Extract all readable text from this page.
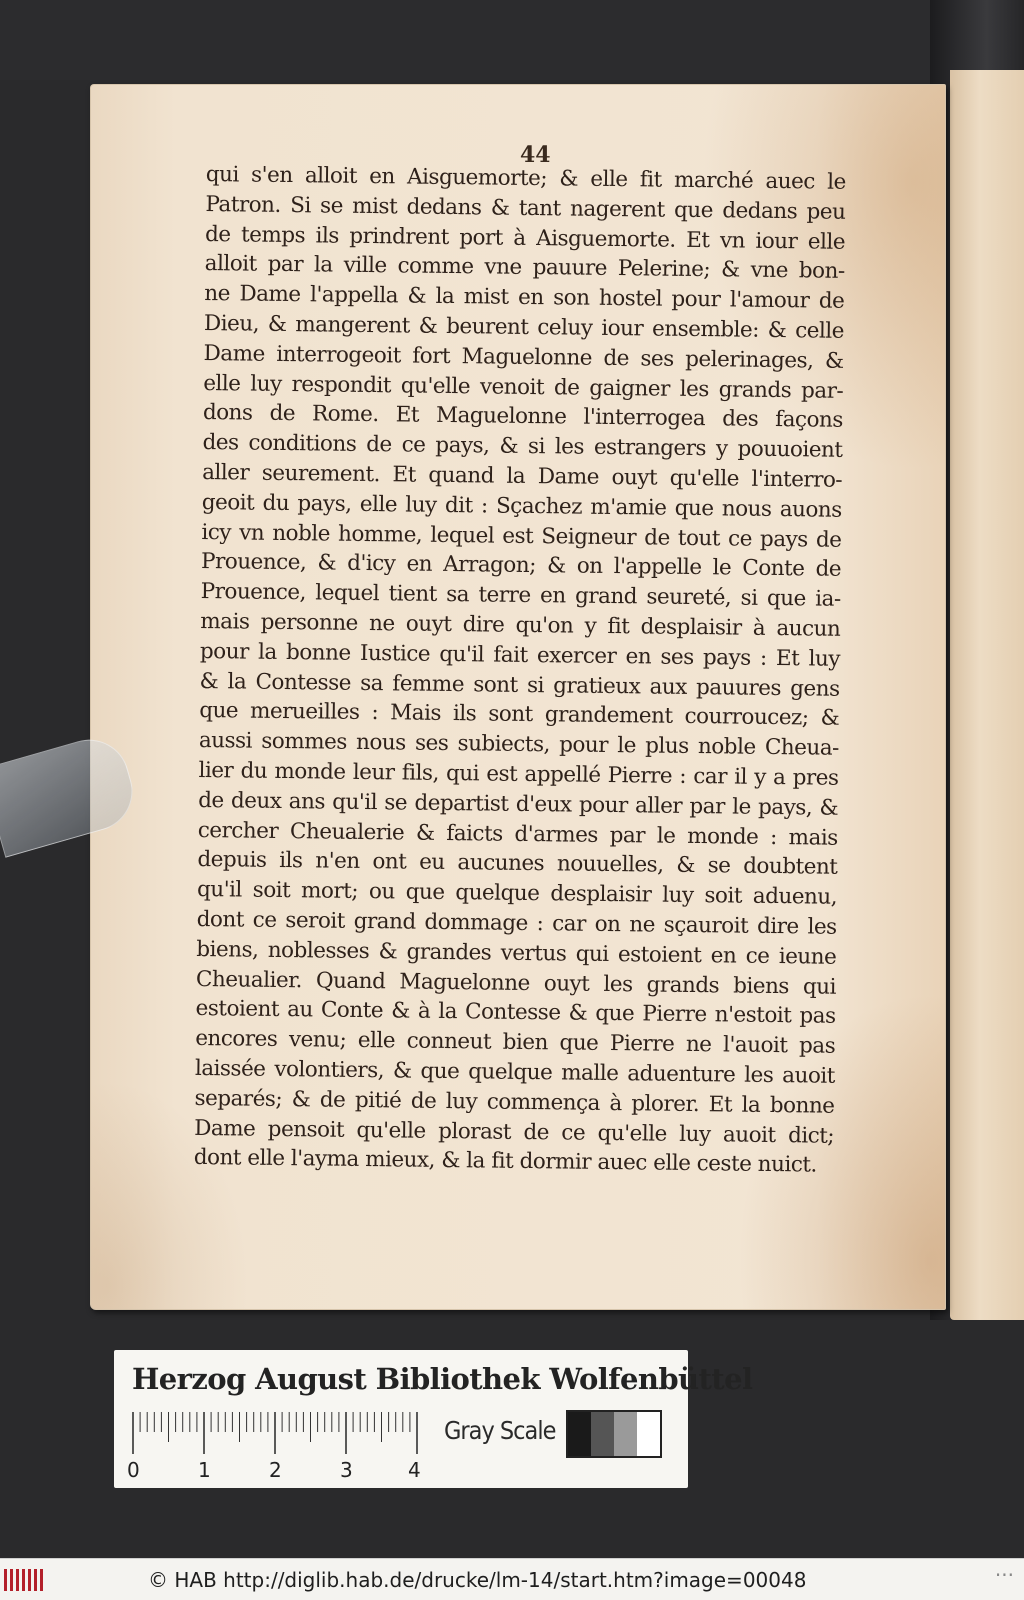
44
qui s'en alloit en Aisguemorte; & elle fit marché auec le
Patron. Si se mist dedans & tant nagerent que dedans peu
de temps ils prindrent port à Aisguemorte. Et vn iour elle
alloit par la ville comme vne pauure Pelerine; & vne bon-
ne Dame l'appella & la mist en son hostel pour l'amour de
Dieu, & mangerent & beurent celuy iour ensemble: & celle
Dame interrogeoit fort Maguelonne de ses pelerinages, &
elle luy respondit qu'elle venoit de gaigner les grands par-
dons de Rome. Et Maguelonne l'interrogea des façons
des conditions de ce pays, & si les estrangers y pouuoient
aller seurement. Et quand la Dame ouyt qu'elle l'interro-
geoit du pays, elle luy dit : Sçachez m'amie que nous auons
icy vn noble homme, lequel est Seigneur de tout ce pays de
Prouence, & d'icy en Arragon; & on l'appelle le Conte de
Prouence, lequel tient sa terre en grand seureté, si que ia-
mais personne ne ouyt dire qu'on y fit desplaisir à aucun
pour la bonne Iustice qu'il fait exercer en ses pays : Et luy
& la Contesse sa femme sont si gratieux aux pauures gens
que merueilles : Mais ils sont grandement courroucez; &
aussi sommes nous ses subiects, pour le plus noble Cheua-
lier du monde leur fils, qui est appellé Pierre : car il y a pres
de deux ans qu'il se departist d'eux pour aller par le pays, &
cercher Cheualerie & faicts d'armes par le monde : mais
depuis ils n'en ont eu aucunes nouuelles, & se doubtent
qu'il soit mort; ou que quelque desplaisir luy soit aduenu,
dont ce seroit grand dommage : car on ne sçauroit dire les
biens, noblesses & grandes vertus qui estoient en ce ieune
Cheualier. Quand Maguelonne ouyt les grands biens qui
estoient au Conte & à la Contesse & que Pierre n'estoit pas
encores venu; elle conneut bien que Pierre ne l'auoit pas
laissée volontiers, & que quelque malle aduenture les auoit
separés; & de pitié de luy commença à plorer. Et la bonne
Dame pensoit qu'elle plorast de ce qu'elle luy auoit dict;
dont elle l'ayma mieux, & la fit dormir auec elle ceste nuict.
Herzog August Bibliothek Wolfenbüttel
0	1	2	3	4
Gray Scale
© HAB http://diglib.hab.de/drucke/lm-14/start.htm?image=00048	···
